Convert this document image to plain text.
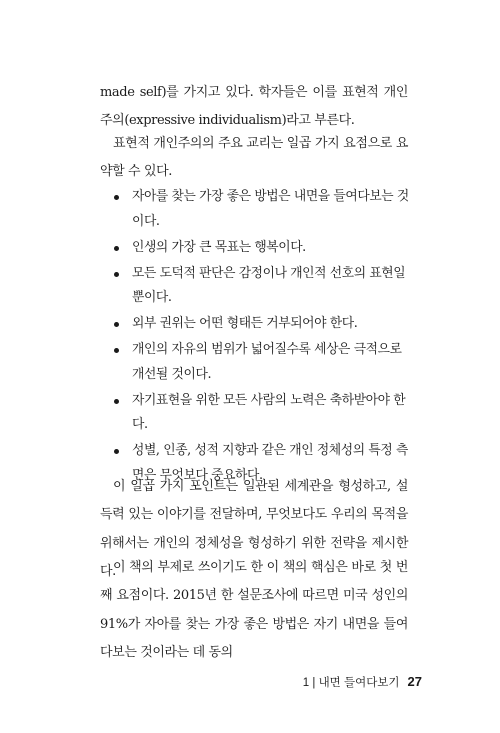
made self)를 가지고 있다. 학자들은 이를 표현적 개인주의(expressive individualism)라고 부른다.

표현적 개인주의의 주요 교리는 일곱 가지 요점으로 요약할 수 있다.

자아를 찾는 가장 좋은 방법은 내면을 들여다보는 것이다.
인생의 가장 큰 목표는 행복이다.
모든 도덕적 판단은 감정이나 개인적 선호의 표현일 뿐이다.
외부 권위는 어떤 형태든 거부되어야 한다.
개인의 자유의 범위가 넓어질수록 세상은 극적으로 개선될 것이다.
자기표현을 위한 모든 사람의 노력은 축하받아야 한다.
성별, 인종, 성적 지향과 같은 개인 정체성의 특정 측면은 무엇보다 중요하다.

이 일곱 가지 포인트는 일관된 세계관을 형성하고, 설득력 있는 이야기를 전달하며, 무엇보다도 우리의 목적을 위해서는 개인의 정체성을 형성하기 위한 전략을 제시한다.

이 책의 부제로 쓰이기도 한 이 책의 핵심은 바로 첫 번째 요점이다. 2015년 한 설문조사에 따르면 미국 성인의 91%가 자아를 찾는 가장 좋은 방법은 자기 내면을 들여다보는 것이라는 데 동의

1 | 내면 들여다보기 27
